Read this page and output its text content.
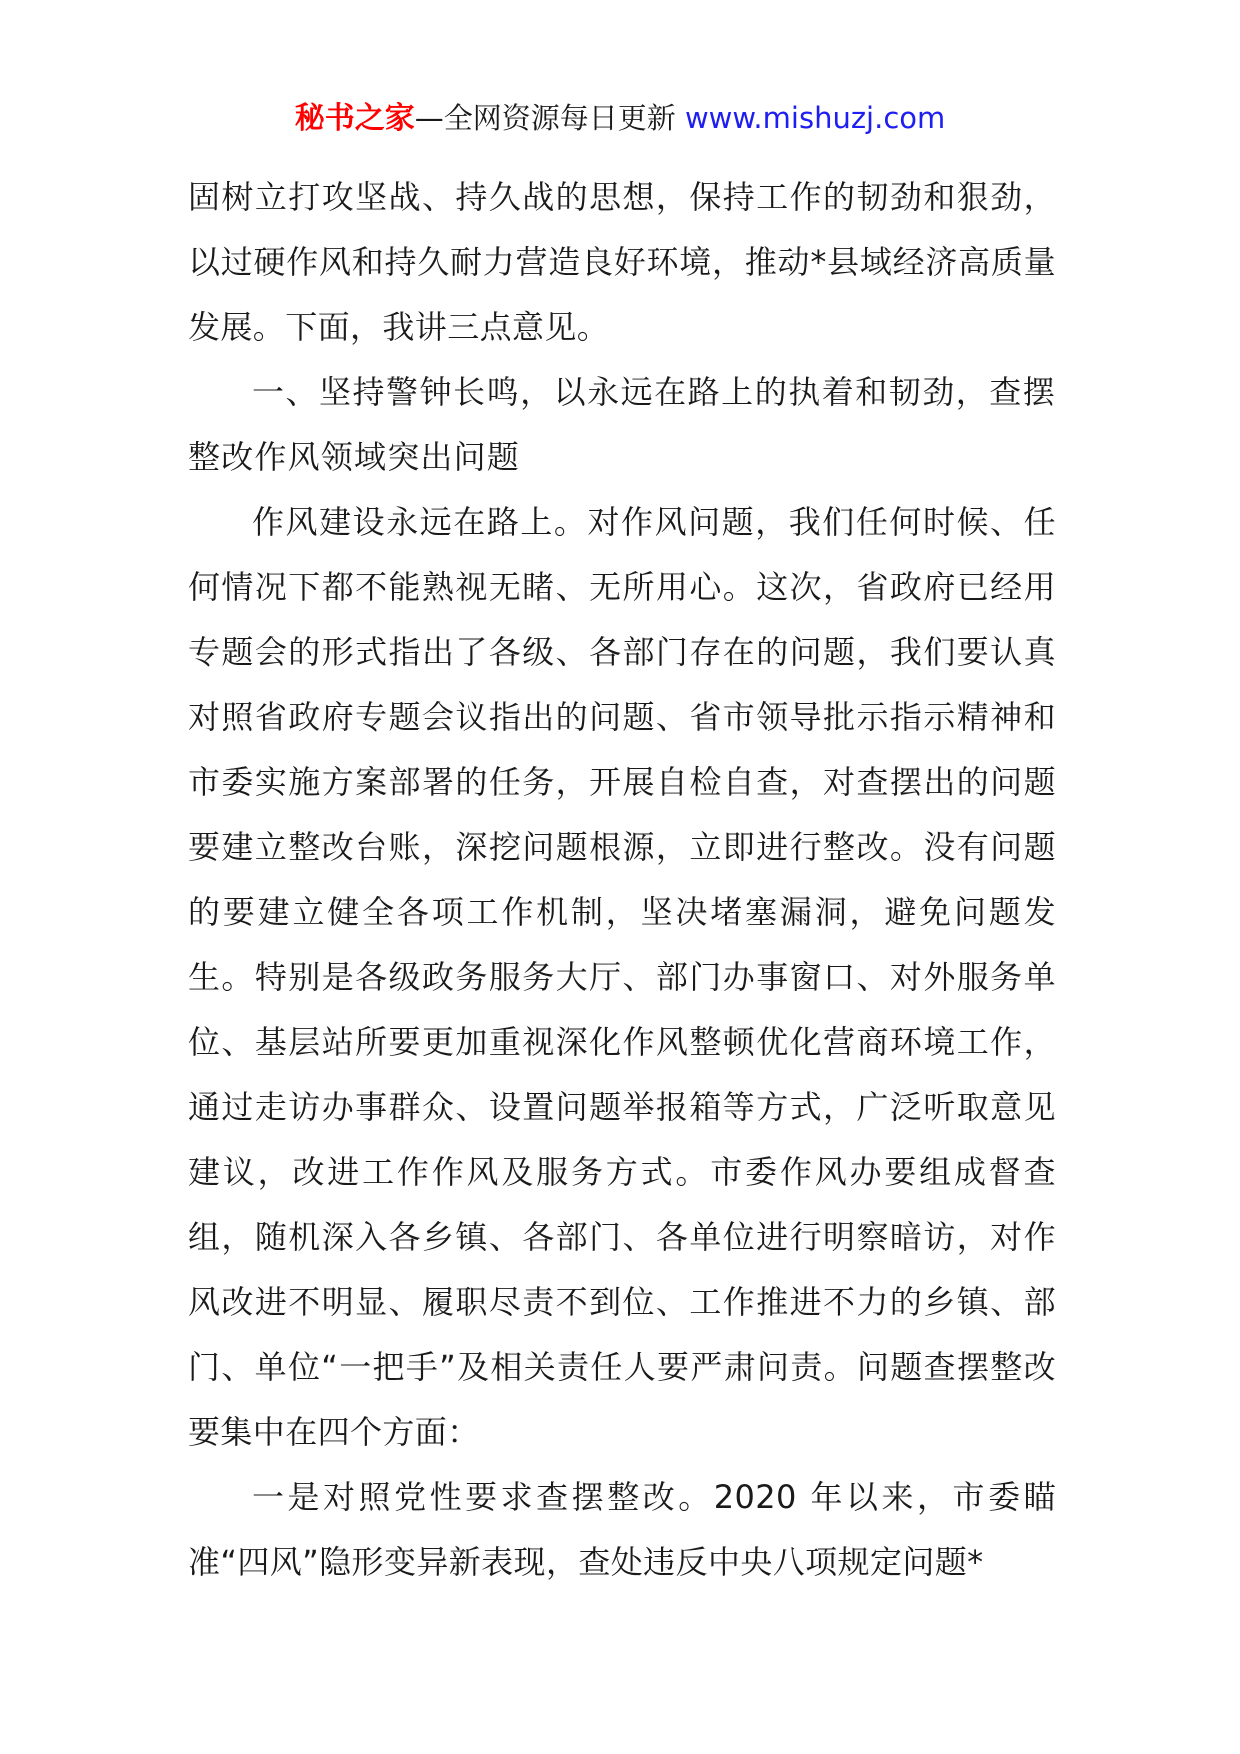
秘书之家—全网资源每日更新 www.mishuzj.com

固树立打攻坚战、持久战的思想，保持工作的韧劲和狠劲，以过硬作风和持久耐力营造良好环境，推动*县域经济高质量发展。下面，我讲三点意见。

一、坚持警钟长鸣，以永远在路上的执着和韧劲，查摆整改作风领域突出问题

作风建设永远在路上。对作风问题，我们任何时候、任何情况下都不能熟视无睹、无所用心。这次，省政府已经用专题会的形式指出了各级、各部门存在的问题，我们要认真对照省政府专题会议指出的问题、省市领导批示指示精神和市委实施方案部署的任务，开展自检自查，对查摆出的问题要建立整改台账，深挖问题根源，立即进行整改。没有问题的要建立健全各项工作机制，坚决堵塞漏洞，避免问题发生。特别是各级政务服务大厅、部门办事窗口、对外服务单位、基层站所要更加重视深化作风整顿优化营商环境工作，通过走访办事群众、设置问题举报箱等方式，广泛听取意见建议，改进工作作风及服务方式。市委作风办要组成督查组，随机深入各乡镇、各部门、各单位进行明察暗访，对作风改进不明显、履职尽责不到位、工作推进不力的乡镇、部门、单位“一把手”及相关责任人要严肃问责。问题查摆整改要集中在四个方面：

一是对照党性要求查摆整改。2020 年以来，市委瞄准“四风”隐形变异新表现，查处违反中央八项规定问题*
